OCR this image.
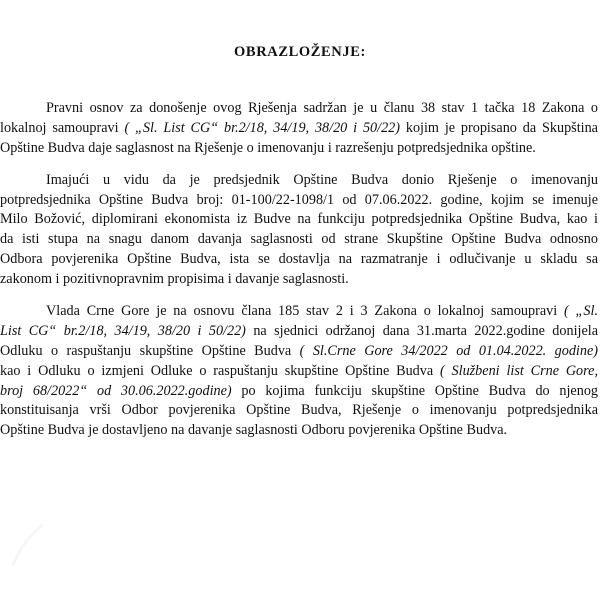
OBRAZLOŽENJE:
Pravni osnov za donošenje ovog Rješenja sadržan je u članu 38 stav 1 tačka 18 Zakona o
lokalnoj samoupravi ( „Sl. List CG“ br.2/18, 34/19, 38/20 i 50/22) kojim je propisano da Skupština
Opštine Budva daje saglasnost na Rješenje o imenovanju i razrešenju potpredsjednika opštine.
Imajući u vidu da je predsjednik Opštine Budva donio Rješenje o imenovanju
potpredsjednika Opštine Budva broj: 01-100/22-1098/1 od 07.06.2022. godine, kojim se imenuje
Milo Božović, diplomirani ekonomista iz Budve na funkciju potpredsjednika Opštine Budva, kao i
da isti stupa na snagu danom davanja saglasnosti od strane Skupštine Opštine Budva odnosno
Odbora povjerenika Opštine Budva, ista se dostavlja na razmatranje i odlučivanje u skladu sa
zakonom i pozitivnopravnim propisima i davanje saglasnosti.
Vlada Crne Gore je na osnovu člana 185 stav 2 i 3 Zakona o lokalnoj samoupravi ( „Sl.
List CG“ br.2/18, 34/19, 38/20 i 50/22) na sjednici održanoj dana 31.marta 2022.godine donijela
Odluku o raspuštanju skupštine Opštine Budva ( Sl.Crne Gore 34/2022 od 01.04.2022. godine)
kao i Odluku o izmjeni Odluke o raspuštanju skupštine Opštine Budva ( Službeni list Crne Gore,
broj 68/2022“ od 30.06.2022.godine) po kojima funkciju skupštine Opštine Budva do njenog
konstituisanja vrši Odbor povjerenika Opštine Budva, Rješenje o imenovanju potpredsjednika
Opštine Budva je dostavljeno na davanje saglasnosti Odboru povjerenika Opštine Budva.
